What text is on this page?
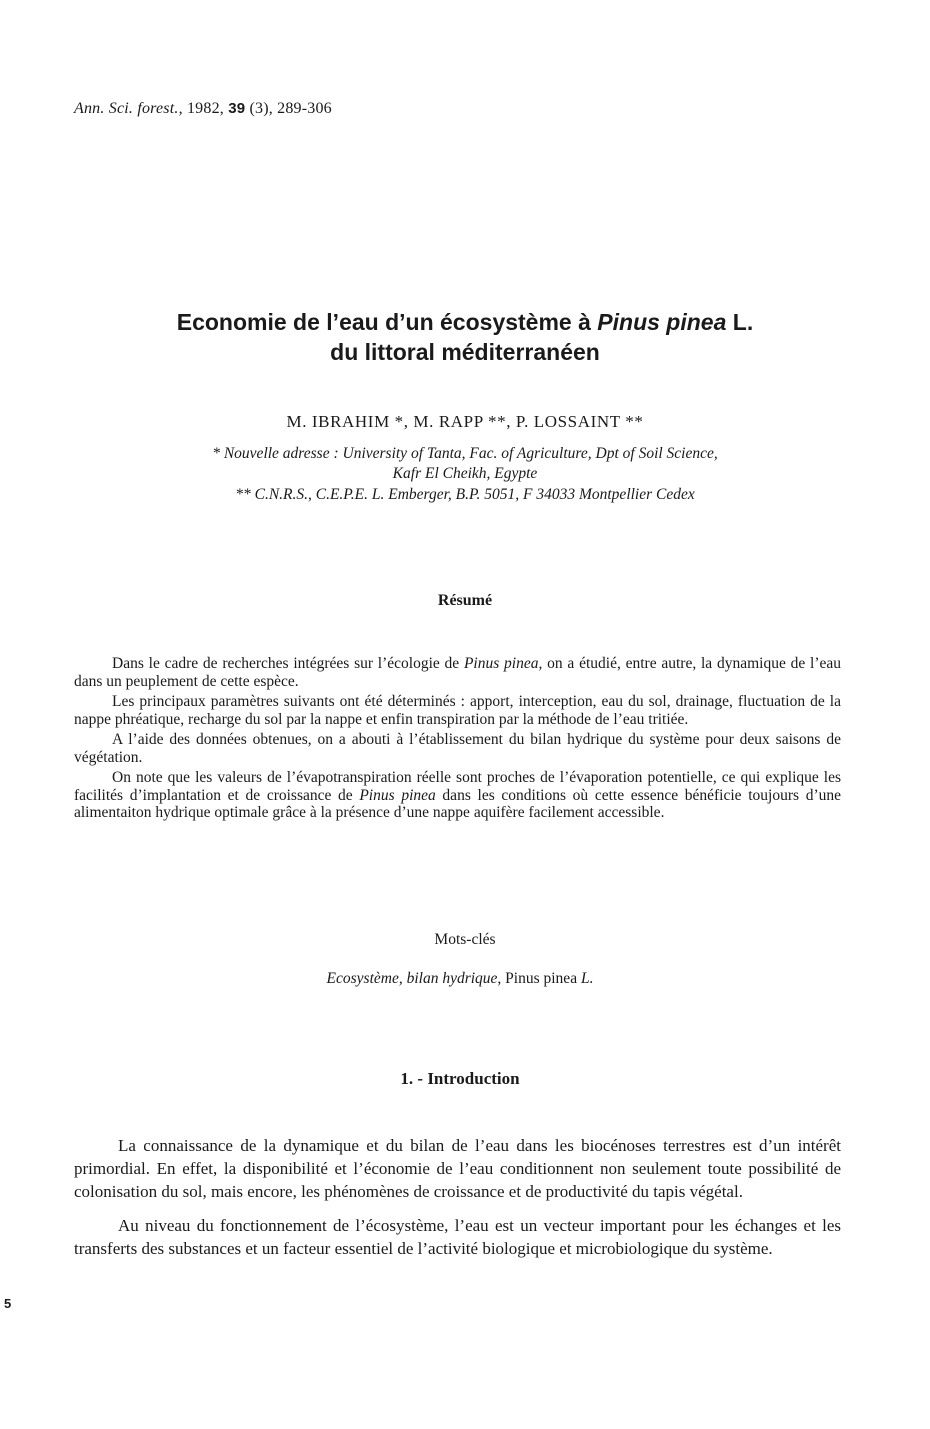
Ann. Sci. forest., 1982, 39 (3), 289-306
Economie de l’eau d’un écosystème à Pinus pinea L.
du littoral méditerranéen
M. IBRAHIM *, M. RAPP **, P. LOSSAINT **
* Nouvelle adresse : University of Tanta, Fac. of Agriculture, Dpt of Soil Science,
Kafr El Cheikh, Egypte
** C.N.R.S., C.E.P.E. L. Emberger, B.P. 5051, F 34033 Montpellier Cedex
Résumé

Dans le cadre de recherches intégrées sur l’écologie de Pinus pinea, on a étudié, entre autre, la dynamique de l’eau dans un peuplement de cette espèce.

Les principaux paramètres suivants ont été déterminés : apport, interception, eau du sol, drainage, fluctuation de la nappe phréatique, recharge du sol par la nappe et enfin transpiration par la méthode de l’eau tritiée.

A l’aide des données obtenues, on a abouti à l’établissement du bilan hydrique du système pour deux saisons de végétation.

On note que les valeurs de l’évapotranspiration réelle sont proches de l’évaporation potentielle, ce qui explique les facilités d’implantation et de croissance de Pinus pinea dans les conditions où cette essence bénéficie toujours d’une alimentaiton hydrique optimale grâce à la présence d’une nappe aquifère facilement accessible.

Mots-clés
Ecosystème, bilan hydrique, Pinus pinea L.
1. - Introduction

La connaissance de la dynamique et du bilan de l’eau dans les biocénoses terrestres est d’un intérêt primordial. En effet, la disponibilité et l’économie de l’eau conditionnent non seulement toute possibilité de colonisation du sol, mais encore, les phénomènes de croissance et de productivité du tapis végétal.

Au niveau du fonctionnement de l’écosystème, l’eau est un vecteur important pour les échanges et les transferts des substances et un facteur essentiel de l’activité biologique et microbiologique du système.

5
